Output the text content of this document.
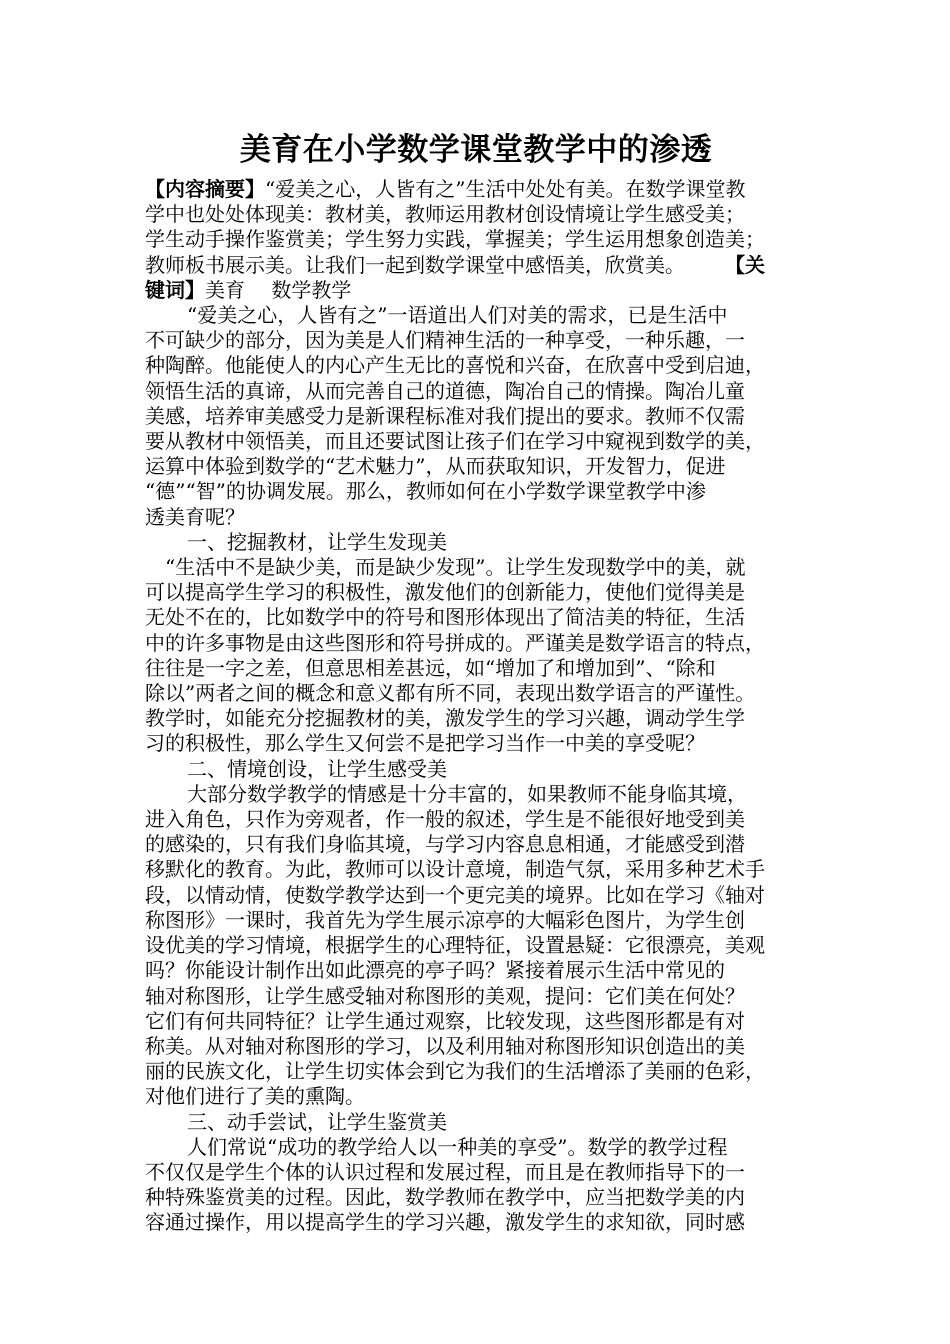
美育在小学数学课堂教学中的渗透
【内容摘要】“爱美之心，人皆有之”生活中处处有美。在数学课堂教
学中也处处体现美：教材美，教师运用教材创设情境让学生感受美；
学生动手操作鉴赏美；学生努力实践，掌握美；学生运用想象创造美；
教师板书展示美。让我们一起到数学课堂中感悟美，欣赏美。 【关
键词】美育　 数学教学
“爱美之心，人皆有之”一语道出人们对美的需求，已是生活中
不可缺少的部分，因为美是人们精神生活的一种享受，一种乐趣，一
种陶醉。他能使人的内心产生无比的喜悦和兴奋，在欣喜中受到启迪，
领悟生活的真谛，从而完善自己的道德，陶冶自己的情操。陶冶儿童
美感，培养审美感受力是新课程标准对我们提出的要求。教师不仅需
要从教材中领悟美，而且还要试图让孩子们在学习中窥视到数学的美，
运算中体验到数学的“艺术魅力”，从而获取知识，开发智力，促进
“德”“智”的协调发展。那么，教师如何在小学数学课堂教学中渗
透美育呢？
一、挖掘教材，让学生发现美
“生活中不是缺少美，而是缺少发现”。让学生发现数学中的美，就
可以提高学生学习的积极性，激发他们的创新能力，使他们觉得美是
无处不在的，比如数学中的符号和图形体现出了简洁美的特征，生活
中的许多事物是由这些图形和符号拼成的。严谨美是数学语言的特点，
往往是一字之差，但意思相差甚远，如“增加了和增加到”、“除和
除以”两者之间的概念和意义都有所不同，表现出数学语言的严谨性。
教学时，如能充分挖掘教材的美，激发学生的学习兴趣，调动学生学
习的积极性，那么学生又何尝不是把学习当作一中美的享受呢？
二、情境创设，让学生感受美
大部分数学教学的情感是十分丰富的，如果教师不能身临其境，
进入角色，只作为旁观者，作一般的叙述，学生是不能很好地受到美
的感染的，只有我们身临其境，与学习内容息息相通，才能感受到潜
移默化的教育。为此，教师可以设计意境，制造气氛，采用多种艺术手
段，以情动情，使数学教学达到一个更完美的境界。比如在学习《轴对
称图形》一课时，我首先为学生展示凉亭的大幅彩色图片，为学生创
设优美的学习情境，根据学生的心理特征，设置悬疑：它很漂亮，美观
吗？你能设计制作出如此漂亮的亭子吗？紧接着展示生活中常见的
轴对称图形，让学生感受轴对称图形的美观，提问：它们美在何处？
它们有何共同特征？让学生通过观察，比较发现，这些图形都是有对
称美。从对轴对称图形的学习，以及利用轴对称图形知识创造出的美
丽的民族文化，让学生切实体会到它为我们的生活增添了美丽的色彩，
对他们进行了美的熏陶。
三、动手尝试，让学生鉴赏美
人们常说“成功的教学给人以一种美的享受”。数学的教学过程
不仅仅是学生个体的认识过程和发展过程，而且是在教师指导下的一
种特殊鉴赏美的过程。因此，数学教师在教学中，应当把数学美的内
容通过操作，用以提高学生的学习兴趣，激发学生的求知欲，同时感
